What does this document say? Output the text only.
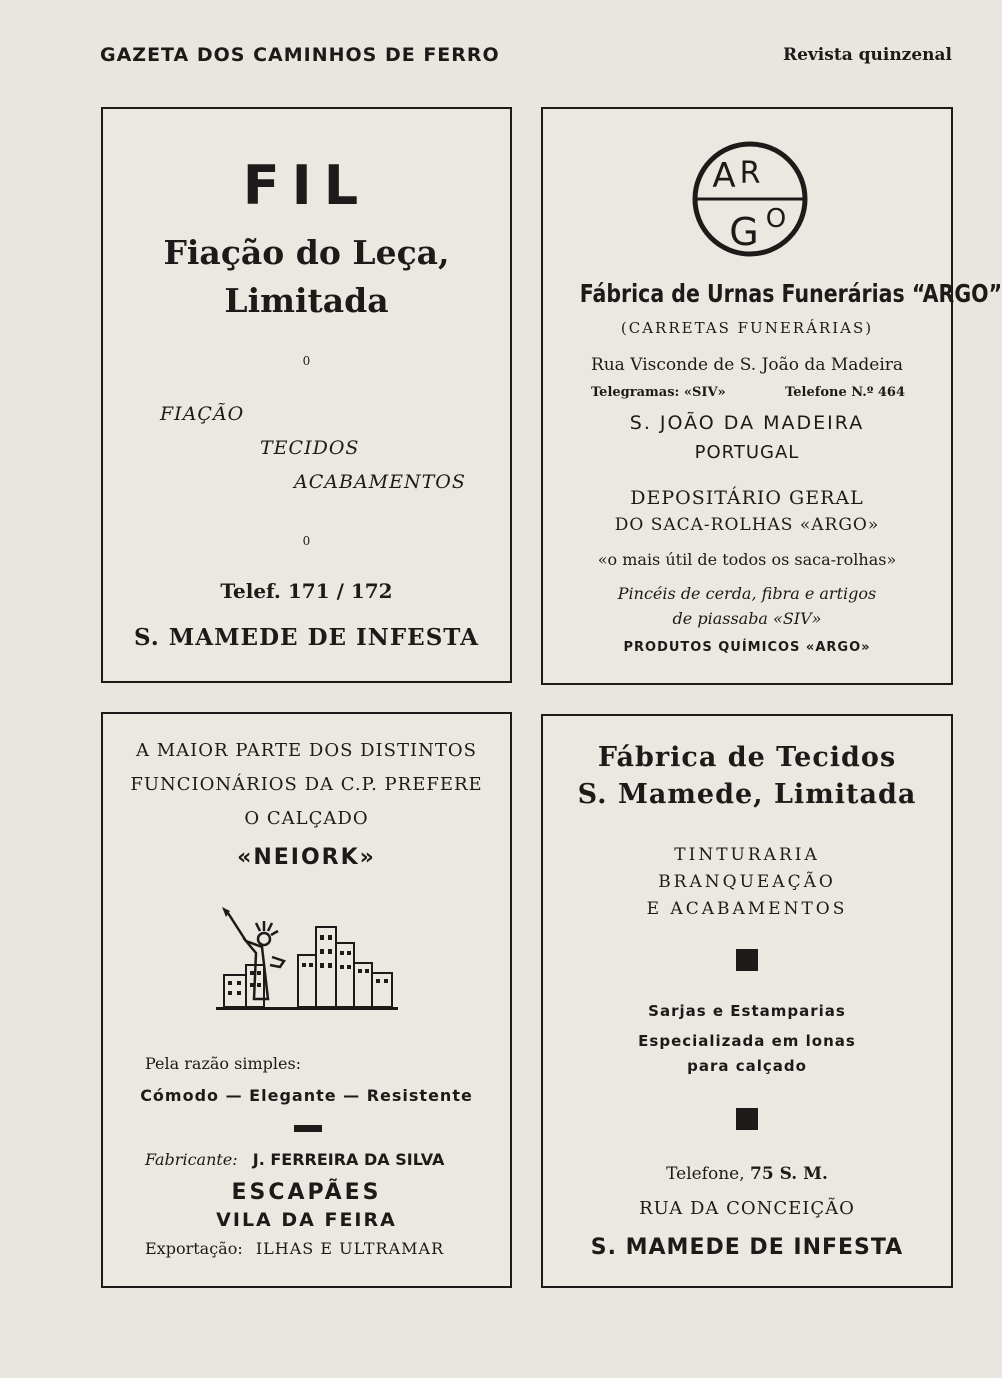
GAZETA DOS CAMINHOS DE FERRO	Revista quinzenal
FIL
Fiação do Leça,
Limitada
0
FIAÇÃO
TECIDOS
ACABAMENTOS
0
Telef. 171 / 172
S. MAMEDE DE INFESTA
A R
G O
Fábrica de Urnas Funerárias “ARGO”
(CARRETAS FUNERÁRIAS)
Rua Visconde de S. João da Madeira
Telegramas: «SIV»	Telefone N.º 464
S. JOÃO DA MADEIRA
PORTUGAL
DEPOSITÁRIO GERAL
DO SACA-ROLHAS «ARGO»
«o mais útil de todos os saca-rolhas»
Pincéis de cerda, fibra e artigos
de piassaba «SIV»
PRODUTOS QUÍMICOS «ARGO»
A MAIOR PARTE DOS DISTINTOS
FUNCIONÁRIOS DA C.P. PREFERE
O CALÇADO
«NEIORK»
Pela razão simples:
Cómodo — Elegante — Resistente
Fabricante: J. FERREIRA DA SILVA
ESCAPÃES
VILA DA FEIRA
Exportação: ILHAS E ULTRAMAR
Fábrica de Tecidos
S. Mamede, Limitada
TINTURARIA
BRANQUEAÇÃO
E ACABAMENTOS
Sarjas e Estamparias
Especializada em lonas
para calçado
Telefone, 75 S. M.
RUA DA CONCEIÇÃO
S. MAMEDE DE INFESTA
